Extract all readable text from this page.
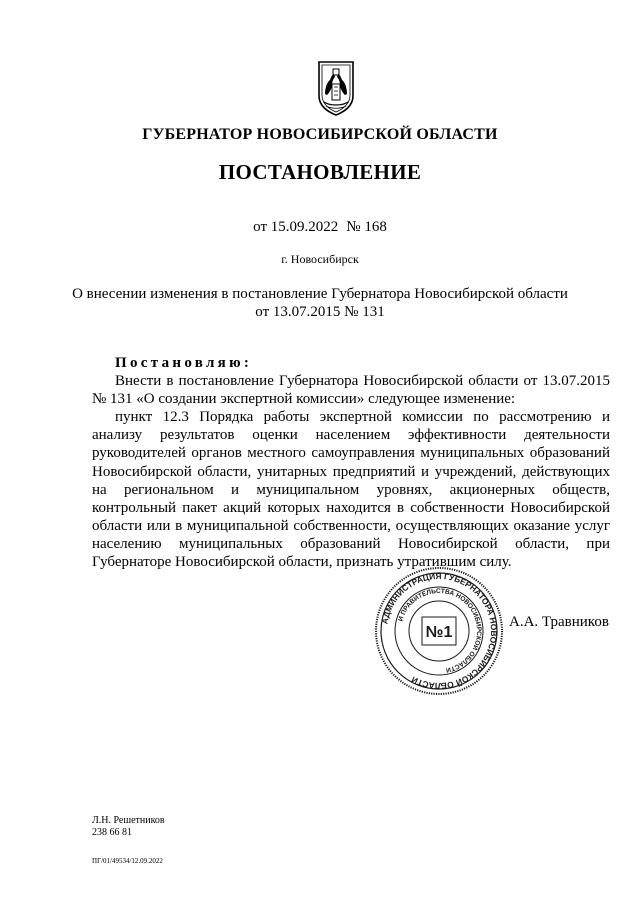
ГУБЕРНАТОР НОВОСИБИРСКОЙ ОБЛАСТИ
ПОСТАНОВЛЕНИЕ
от 15.09.2022 № 168
г. Новосибирск
О внесении изменения в постановление Губернатора Новосибирской области
от 13.07.2015 № 131

Постановляю:

Внести в постановление Губернатора Новосибирской области от 13.07.2015 № 131 «О создании экспертной комиссии» следующее изменение:

пункт 12.3 Порядка работы экспертной комиссии по рассмотрению и анализу результатов оценки населением эффективности деятельности руководителей органов местного самоуправления муниципальных образований Новосибирской области, унитарных предприятий и учреждений, действующих на региональном и муниципальном уровнях, акционерных обществ, контрольный пакет акций которых находится в собственности Новосибирской области или в муниципальной собственности, осуществляющих оказание услуг населению муниципальных образований Новосибирской области, при Губернаторе Новосибирской области, признать утратившим силу.

АДМИНИСТРАЦИЯ ГУБЕРНАТОРА НОВОСИБИРСКОЙ ОБЛАСТИ
И ПРАВИТЕЛЬСТВА НОВОСИБИРСКОЙ ОБЛАСТИ
№1
А.А. Травников
Л.Н. Решетников
238 66 81
ПГ/01/49534/12.09.2022
